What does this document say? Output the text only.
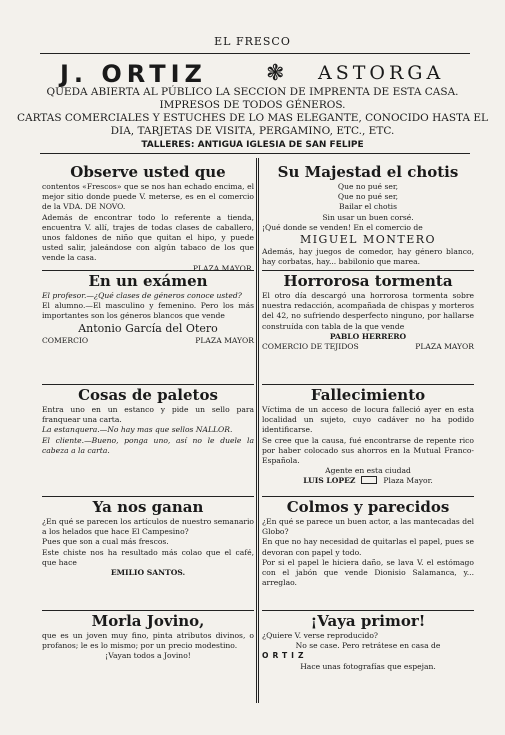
EL FRESCO
J. ORTIZ	❃ ASTORGA
QUEDA ABIERTA AL PÚBLICO LA SECCION DE IMPRENTA DE ESTA CASA.
IMPRESOS DE TODOS GÉNEROS.
CARTAS COMERCIALES Y ESTUCHES DE LO MAS ELEGANTE, CONOCIDO HASTA EL
DIA, TARJETAS DE VISITA, PERGAMINO, ETC., ETC.
TALLERES: ANTIGUA IGLESIA DE SAN FELIPE
Observe usted que

contentos «Frescos» que se nos han echado encima, el mejor sitio donde puede V. meterse, es en el comercio de la VDA. DE NOVO.

Además de encontrar todo lo referente a tienda, encuentra V. allí, trajes de todas clases de caballero, unos faldones de niño que quitan el hipo, y puede usted salir, jaleándose con algún tabaco de los que vende la casa.

PLAZA MAYOR.

En un exámen

El profesor.—¿Qué clases de géneros conoce usted?

El alumno.—El masculino y femenino. Pero los más importantes son los géneros blancos que vende

Antonio García del Otero

COMERCIO	PLAZA MAYOR
Cosas de paletos

Entra uno en un estanco y pide un sello para franquear una carta.

La estanquera.—No hay mas que sellos NALLOR.

El cliente.—Bueno, ponga uno, así no le duele la cabeza a la carta.

Ya nos ganan

¿En qué se parecen los artículos de nuestro semanario a los helados que hace El Campesino?

Pues que son a cual más frescos.

Este chiste nos ha resultado más colao que el café, que hace

EMILIO SANTOS.

Morla Jovino,

que es un joven muy fino, pinta atributos divinos, o profanos; le es lo mismo; por un precio modestino.

¡Vayan todos a Jovino!

Su Majestad el chotis

Que no pué ser,

Que no pué ser,

Bailar el chotis

Sin usar un buen corsé.

¡Qué donde se venden! En el comercio de

MIGUEL MONTERO

Además, hay juegos de comedor, hay género blanco, hay corbatas, hay... babilonio que marea.

Horrorosa tormenta

El otro día descargó una horrorosa tormenta sobre nuestra redacción, acompañada de chispas y morteros del 42, no sufriendo desperfecto ninguno, por hallarse construída con tabla de la que vende

PABLO HERRERO

COMERCIO DE TEJIDOS	PLAZA MAYOR
Fallecimiento

Víctima de un acceso de locura falleció ayer en esta localidad un sujeto, cuyo cadáver no ha podido identificarse.

Se cree que la causa, fué encontrarse de repente rico por haber colocado sus ahorros en la Mutual Franco-Española.

Agente en esta ciudad

LUIS LOPEZ	Plaza Mayor.
Colmos y parecidos

¿En qué se parece un buen actor, a las mantecadas del Globo?

En que no hay necesidad de quitarlas el papel, pues se devoran con papel y todo.

Por si el papel le hiciera daño, se lava V. el estómago con el jabón que vende Dionisio Salamanca, y... arreglao.

¡Vaya primor!

¿Quiere V. verse reproducido?

No se case. Pero retrátese en casa de

ORTIZ

Hace unas fotografías que espejan.
